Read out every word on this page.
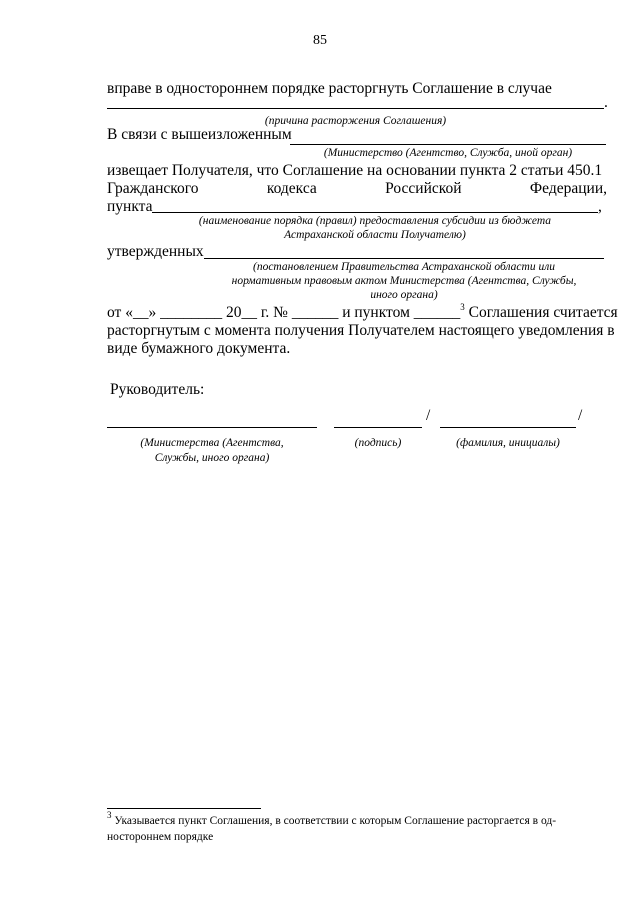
85
вправе в одностороннем порядке расторгнуть Соглашение в случае
.
(причина расторжения Соглашения)
В связи с вышеизложенным
(Министерство (Агентство, Служба, иной орган)
извещает Получателя, что Соглашение на основании пункта 2 статьи 450.1
Гражданского	кодекса	Российской	Федерации,
пункта	,
(наименование порядка (правил) предоставления субсидии из бюджета
Астраханской области Получателю)
утвержденных
(постановлением Правительства Астраханской области или
нормативным правовым актом Министерства (Агентства, Службы,
иного органа)
от «__» ________ 20__ г. № ______ и пунктом ______$^3$ Соглашения считается
расторгнутым с момента получения Получателем настоящего уведомления в
виде бумажного документа.
Руководитель:
/	/
(Министерства (Агентства,
Службы, иного органа)
(подпись)	(фамилия, инициалы)
$^3$ Указывается пункт Соглашения, в соответствии с которым Соглашение расторгается в од-
ностороннем порядке
